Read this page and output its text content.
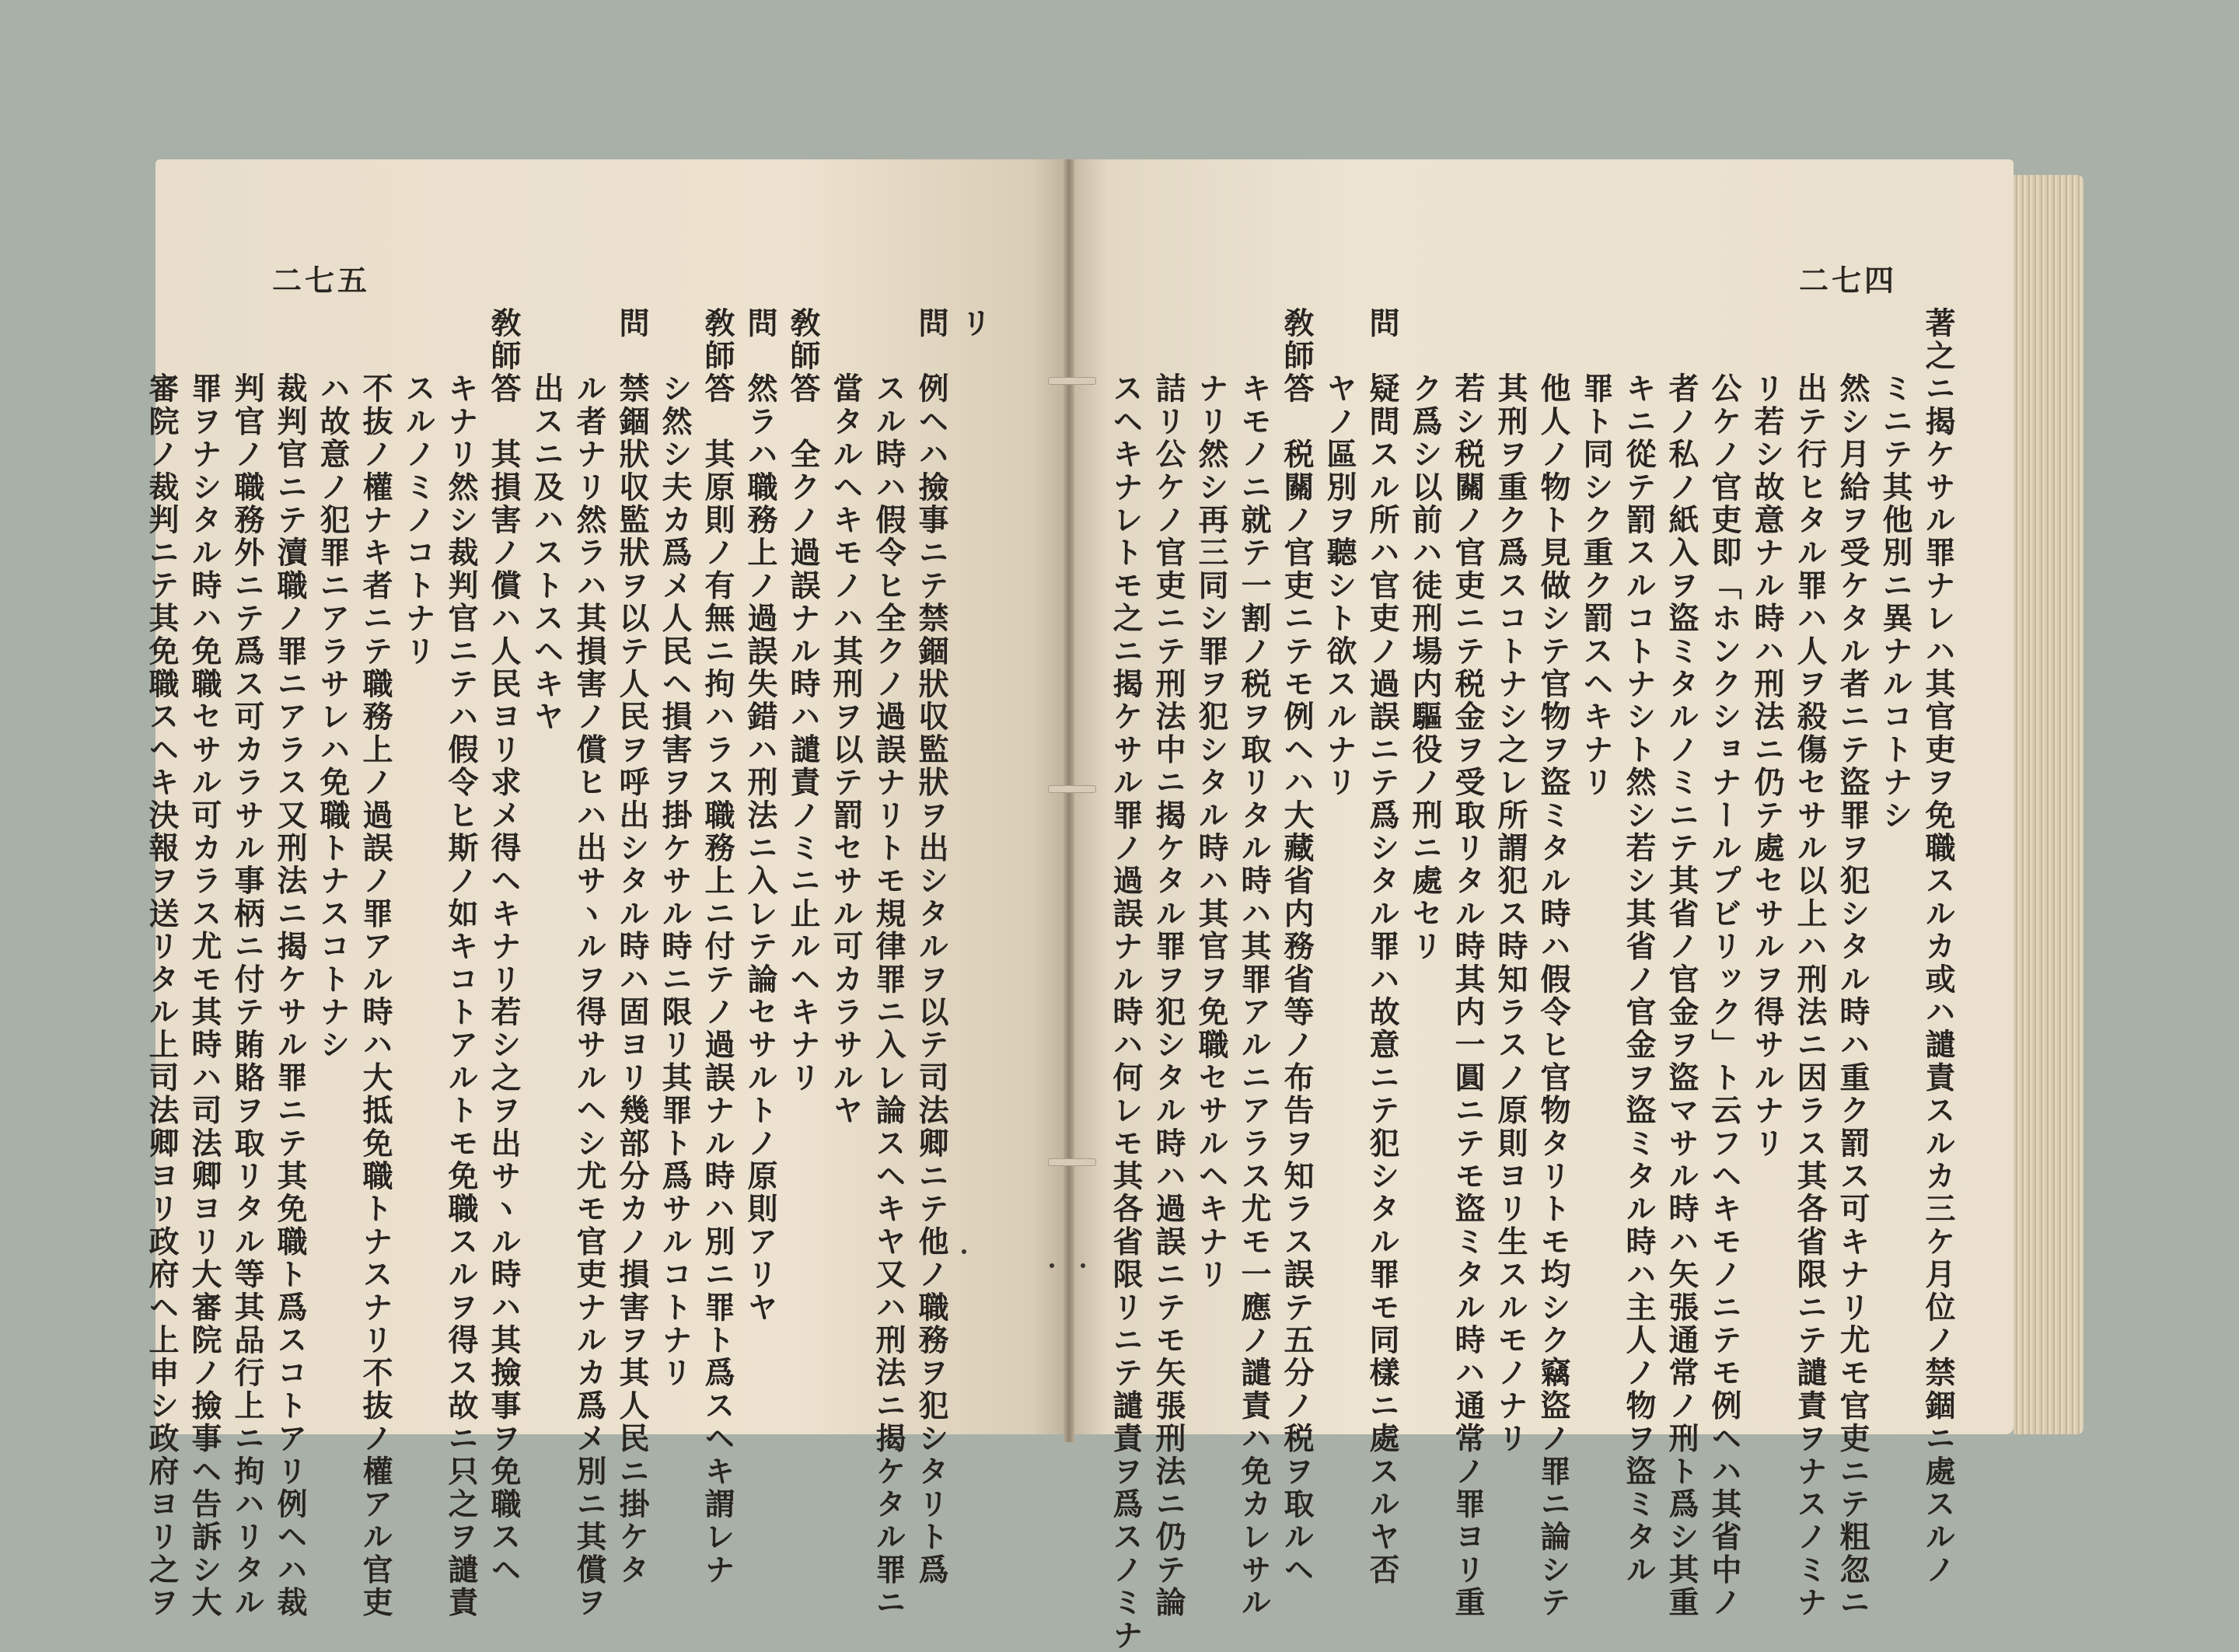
二七五
リ
問　例ヘハ撿事ニテ禁錮狀収監狀ヲ出シタルヲ以テ司法卿ニテ他ノ職務ヲ犯シタリト爲
　　スル時ハ假令ヒ全クノ過誤ナリトモ規律罪ニ入レ論スヘキヤ又ハ刑法ニ揭ケタル罪ニ
　　當タルヘキモノハ其刑ヲ以テ罰セサル可カラサルヤ
敎師答　全クノ過誤ナル時ハ譴責ノミニ止ルヘキナリ
問　然ラハ職務上ノ過誤失錯ハ刑法ニ入レテ論セサルトノ原則アリヤ
敎師答　其原則ノ有無ニ拘ハラス職務上ニ付テノ過誤ナル時ハ別ニ罪ト爲スヘキ謂レナ
　　シ然シ夫カ爲メ人民ヘ損害ヲ掛ケサル時ニ限リ其罪ト爲サルコトナリ
問　禁錮狀収監狀ヲ以テ人民ヲ呼出シタル時ハ固ヨリ幾部分カノ損害ヲ其人民ニ掛ケタ
　　ル者ナリ然ラハ其損害ノ償ヒハ出サヽルヲ得サルヘシ尤モ官吏ナルカ爲メ別ニ其償ヲ
　　出スニ及ハストスヘキヤ
敎師答　其損害ノ償ハ人民ヨリ求メ得ヘキナリ若シ之ヲ出サヽル時ハ其撿事ヲ免職スヘ
　　キナリ然シ裁判官ニテハ假令ヒ斯ノ如キコトアルトモ免職スルヲ得ス故ニ只之ヲ譴責
　　スルノミノコトナリ
　　不抜ノ權ナキ者ニテ職務上ノ過誤ノ罪アル時ハ大抵免職トナスナリ不抜ノ權アル官吏
　　ハ故意ノ犯罪ニアラサレハ免職トナスコトナシ
　　裁判官ニテ瀆職ノ罪ニアラス又刑法ニ揭ケサル罪ニテ其免職ト爲スコトアリ例ヘハ裁
　　判官ノ職務外ニテ爲ス可カラサル事柄ニ付テ賄賂ヲ取リタル等其品行上ニ拘ハリタル
　　罪ヲナシタル時ハ免職セサル可カラス尤モ其時ハ司法卿ヨリ大審院ノ撿事ヘ告訴シ大
　　審院ノ裁判ニテ其免職スヘキ決報ヲ送リタル上司法卿ヨリ政府ヘ上申シ政府ヨリ之ヲ
二七四
著之ニ揭ケサル罪ナレハ其官吏ヲ免職スルカ或ハ譴責スルカ三ケ月位ノ禁錮ニ處スルノ
　　ミニテ其他別ニ異ナルコトナシ
　　然シ月給ヲ受ケタル者ニテ盜罪ヲ犯シタル時ハ重ク罰ス可キナリ尤モ官吏ニテ粗忽ニ
　　出テ行ヒタル罪ハ人ヲ殺傷セサル以上ハ刑法ニ因ラス其各省限ニテ譴責ヲナスノミナ
　　リ若シ故意ナル時ハ刑法ニ仍テ處セサルヲ得サルナリ
　　公ケノ官吏即「ホンクショナールプビリック」ト云フヘキモノニテモ例ヘハ其省中ノ
　　者ノ私ノ紙入ヲ盜ミタルノミニテ其省ノ官金ヲ盜マサル時ハ矢張通常ノ刑ト爲シ其重
　　キニ從テ罰スルコトナシト然シ若シ其省ノ官金ヲ盜ミタル時ハ主人ノ物ヲ盜ミタル
　　罪ト同シク重ク罰スヘキナリ
　　他人ノ物ト見做シテ官物ヲ盜ミタル時ハ假令ヒ官物タリトモ均シク竊盜ノ罪ニ論シテ
　　其刑ヲ重ク爲スコトナシ之レ所謂犯ス時知ラスノ原則ヨリ生スルモノナリ
　　若シ税關ノ官吏ニテ税金ヲ受取リタル時其内一圓ニテモ盜ミタル時ハ通常ノ罪ヨリ重
　　ク爲シ以前ハ徒刑場内驅役ノ刑ニ處セリ
問　疑問スル所ハ官吏ノ過誤ニテ爲シタル罪ハ故意ニテ犯シタル罪モ同樣ニ處スルヤ否
　　ヤノ區別ヲ聽シト欲スルナリ
敎師答　税關ノ官吏ニテモ例ヘハ大藏省内務省等ノ布告ヲ知ラス誤テ五分ノ税ヲ取ルヘ
　　キモノニ就テ一割ノ税ヲ取リタル時ハ其罪アルニアラス尤モ一應ノ譴責ハ免カレサル
　　ナリ然シ再三同シ罪ヲ犯シタル時ハ其官ヲ免職セサルヘキナリ
　　詰リ公ケノ官吏ニテ刑法中ニ揭ケタル罪ヲ犯シタル時ハ過誤ニテモ矢張刑法ニ仍テ論
　　スヘキナレトモ之ニ揭ケサル罪ノ過誤ナル時ハ何レモ其各省限リニテ譴責ヲ爲スノミナ
